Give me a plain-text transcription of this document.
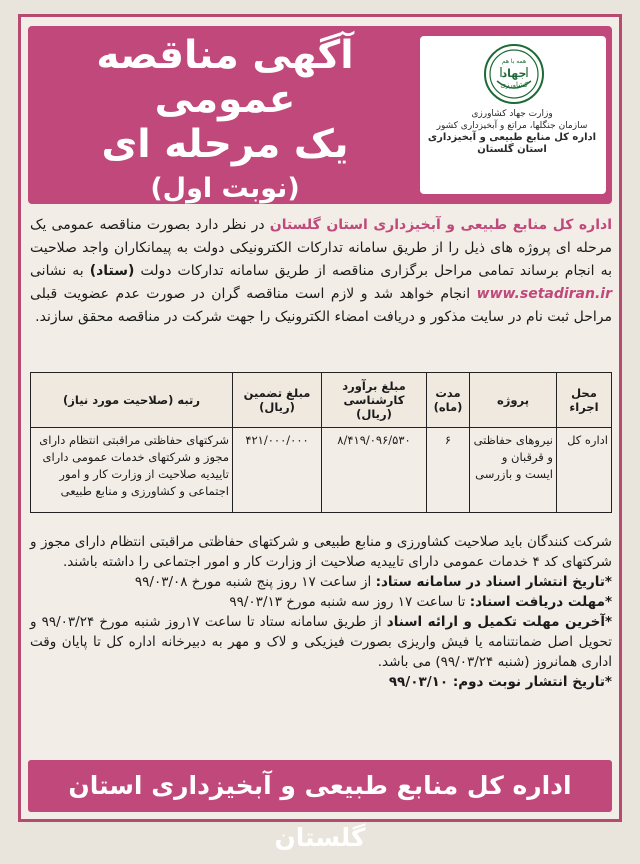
آگهی مناقصه عمومی
یک مرحله ای
(نوبت اول)
همه با هم
جهاد
کشاورزی
وزارت جهاد کشاورزی
سازمان جنگلها، مراتع و آبخیزداری کشور
اداره کل منابع طبیعی و آبخیزداری استان گلستان
اداره کل منابع طبیعی و آبخیزداری استان گلستان در نظر دارد بصورت مناقصه عمومی یک مرحله ای پروژه های ذیل را از طریق سامانه تدارکات الکترونیکی دولت به پیمانکاران واجد صلاحیت به انجام برساند تمامی مراحل برگزاری مناقصه از طریق سامانه تدارکات دولت (ستاد) به نشانی www.setadiran.ir انجام خواهد شد و لازم است مناقصه گران در صورت عدم عضویت قبلی مراحل ثبت نام در سایت مذکور و دریافت امضاء الکترونیک را جهت شرکت در مناقصه محقق سازند.
محل اجراء	پروژه	مدت (ماه)	مبلغ برآورد کارشناسی (ریال)	مبلغ تضمین (ریال)	رتبه (صلاحیت مورد نیاز)
اداره کل	نیروهای حفاظتی و قرقبان و ایست و بازرسی	۶	۸/۴۱۹/۰۹۶/۵۳۰	۴۲۱/۰۰۰/۰۰۰	شرکتهای حفاظتی مراقبتی انتظام دارای مجوز و شرکتهای خدمات عمومی دارای تاییدیه صلاحیت از وزارت کار و امور اجتماعی و کشاورزی و منابع طبیعی

شرکت کنندگان باید صلاحیت کشاورزی و منابع طبیعی و شرکتهای حفاظتی مراقبتی انتظام دارای مجوز و شرکتهای کد ۴ خدمات عمومی دارای تاییدیه صلاحیت از وزارت کار و امور اجتماعی را داشته باشند.

*تاریخ انتشار اسناد در سامانه ستاد: از ساعت ۱۷ روز پنج شنبه مورخ ۹۹/۰۳/۰۸

*مهلت دریافت اسناد: تا ساعت ۱۷ روز سه شنبه مورخ ۹۹/۰۳/۱۳

*آخرین مهلت تکمیل و ارائه اسناد از طریق سامانه ستاد تا ساعت ۱۷روز شنبه مورخ ۹۹/۰۳/۲۴ و تحویل اصل ضمانتنامه یا فیش واریزی بصورت فیزیکی و لاک و مهر به دبیرخانه اداره کل تا پایان وقت اداری همانروز (شنبه ۹۹/۰۳/۲۴) می باشد.

*تاریخ انتشار نوبت دوم: ۹۹/۰۳/۱۰

اداره کل منابع طبیعی و آبخیزداری استان گلستان
